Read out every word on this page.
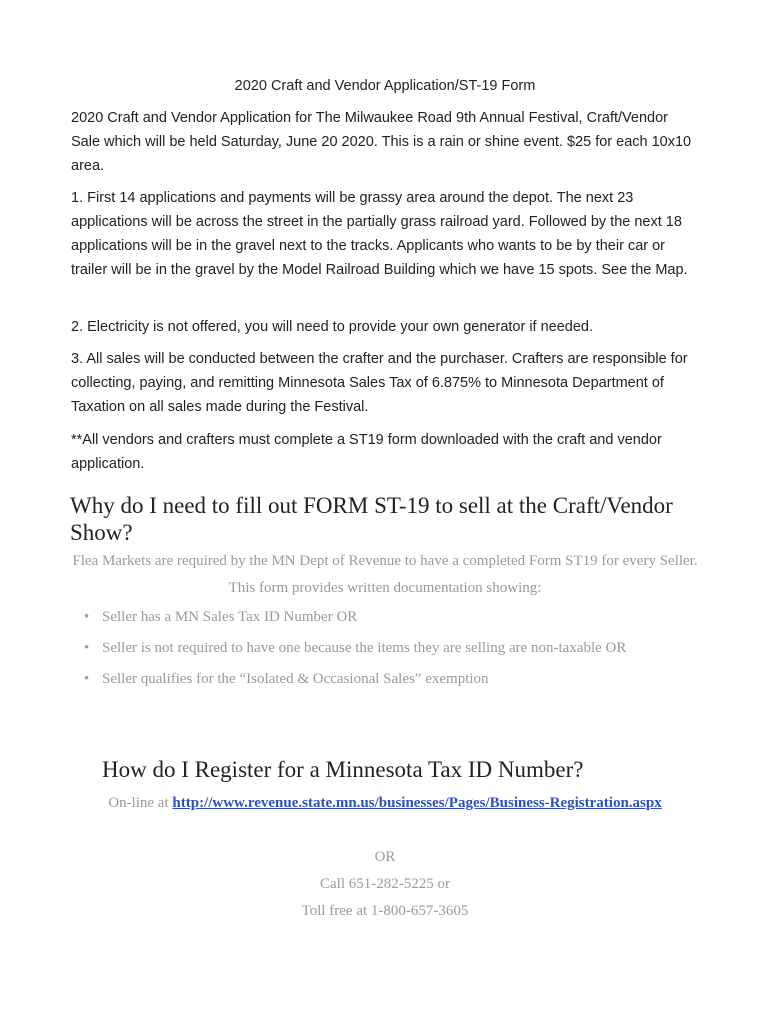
2020 Craft and Vendor Application/ST-19 Form

2020 Craft and Vendor Application for The Milwaukee Road 9th Annual Festival, Craft/Vendor Sale which will be held Saturday, June 20 2020. This is a rain or shine event. $25 for each 10x10 area.

1. First 14 applications and payments will be grassy area around the depot. The next 23 applications will be across the street in the partially grass railroad yard. Followed by the next 18 applications will be in the gravel next to the tracks. Applicants who wants to be by their car or trailer will be in the gravel by the Model Railroad Building which we have 15 spots. See the Map.

2. Electricity is not offered, you will need to provide your own generator if needed.

3. All sales will be conducted between the crafter and the purchaser. Crafters are responsible for collecting, paying, and remitting Minnesota Sales Tax of 6.875% to Minnesota Department of Taxation on all sales made during the Festival.

**All vendors and crafters must complete a ST19 form downloaded with the craft and vendor application.

Why do I need to fill out FORM ST-19 to sell at the Craft/Vendor Show?

Flea Markets are required by the MN Dept of Revenue to have a completed Form ST19 for every Seller. This form provides written documentation showing:

• Seller has a MN Sales Tax ID Number OR
• Seller is not required to have one because the items they are selling are non-taxable OR
• Seller qualifies for the “Isolated & Occasional Sales” exemption
How do I Register for a Minnesota Tax ID Number?

On-line at http://www.revenue.state.mn.us/businesses/Pages/Business-Registration.aspx

OR

Call 651-282-5225 or

Toll free at 1-800-657-3605
